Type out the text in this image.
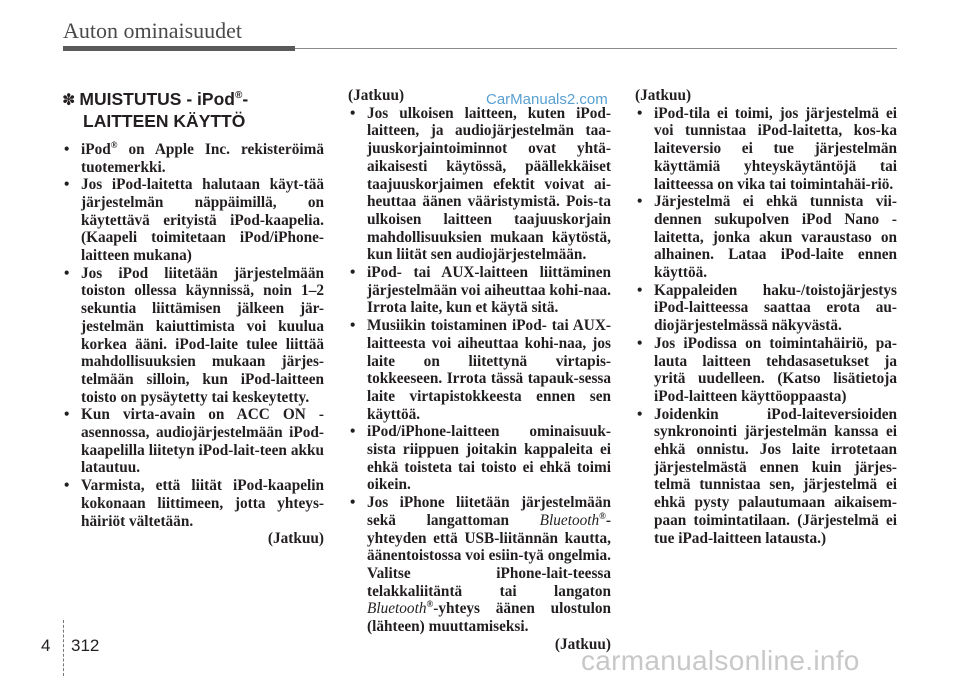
Auton ominaisuudet
CarManuals2.com
✽ MUISTUTUS - iPod®-
LAITTEEN KÄYTTÖ
• iPod® on Apple Inc. rekisteröimä tuotemerkki.
• Jos iPod-laitetta halutaan käyt-tää järjestelmän näppäimillä, on käytettävä erityistä iPod-kaapelia. (Kaapeli toimitetaan iPod/iPhone-laitteen mukana)
• Jos iPod liitetään järjestelmään toiston ollessa käynnissä, noin 1–2 sekuntia liittämisen jälkeen jär-jestelmän kaiuttimista voi kuulua korkea ääni. iPod-laite tulee liittää mahdollisuuksien mukaan järjes-telmään silloin, kun iPod-laitteen toisto on pysäytetty tai keskeytetty.
• Kun virta-avain on ACC ON -asennossa, audiojärjestelmään iPod-kaapelilla liitetyn iPod-lait-teen akku latautuu.
• Varmista, että liität iPod-kaapelin kokonaan liittimeen, jotta yhteys-häiriöt vältetään.
(Jatkuu)
(Jatkuu)
• Jos ulkoisen laitteen, kuten iPod-laitteen, ja audiojärjestelmän taa-juuskorjaintoiminnot ovat yhtä-aikaisesti käytössä, päällekkäiset taajuuskorjaimen efektit voivat ai-heuttaa äänen vääristymistä. Pois-ta ulkoisen laitteen taajuuskorjain mahdollisuuksien mukaan käytöstä, kun liität sen audiojärjestelmään.
• iPod- tai AUX-laitteen liittäminen järjestelmään voi aiheuttaa kohi-naa. Irrota laite, kun et käytä sitä.
• Musiikin toistaminen iPod- tai AUX-laitteesta voi aiheuttaa kohi-naa, jos laite on liitettynä virtapis-tokkeeseen. Irrota tässä tapauk-sessa laite virtapistokkeesta ennen sen käyttöä.
• iPod/iPhone-laitteen ominaisuuk-sista riippuen joitakin kappaleita ei ehkä toisteta tai toisto ei ehkä toimi oikein.
• Jos iPhone liitetään järjestelmään sekä langattoman Bluetooth®-yhteyden että USB-liitännän kautta, äänentoistossa voi esiin-tyä ongelmia. Valitse iPhone-lait-teessa telakkaliitäntä tai langaton Bluetooth®-yhteys äänen ulostulon (lähteen) muuttamiseksi.
(Jatkuu)
(Jatkuu)
• iPod-tila ei toimi, jos järjestelmä ei voi tunnistaa iPod-laitetta, kos-ka laiteversio ei tue järjestelmän käyttämiä yhteyskäytäntöjä tai laitteessa on vika tai toimintahäi-riö.
• Järjestelmä ei ehkä tunnista vii-dennen sukupolven iPod Nano -laitetta, jonka akun varaustaso on alhainen. Lataa iPod-laite ennen käyttöä.
• Kappaleiden haku-/toistojärjestys iPod-laitteessa saattaa erota au-diojärjestelmässä näkyvästä.
• Jos iPodissa on toimintahäiriö, pa-lauta laitteen tehdasasetukset ja yritä uudelleen. (Katso lisätietoja iPod-laitteen käyttöoppaasta)
• Joidenkin iPod-laiteversioiden synkronointi järjestelmän kanssa ei ehkä onnistu. Jos laite irrotetaan järjestelmästä ennen kuin järjes-telmä tunnistaa sen, järjestelmä ei ehkä pysty palautumaan aikaisem-paan toimintatilaan. (Järjestelmä ei tue iPad-laitteen latausta.)
4 312	carmanualsonline.info
